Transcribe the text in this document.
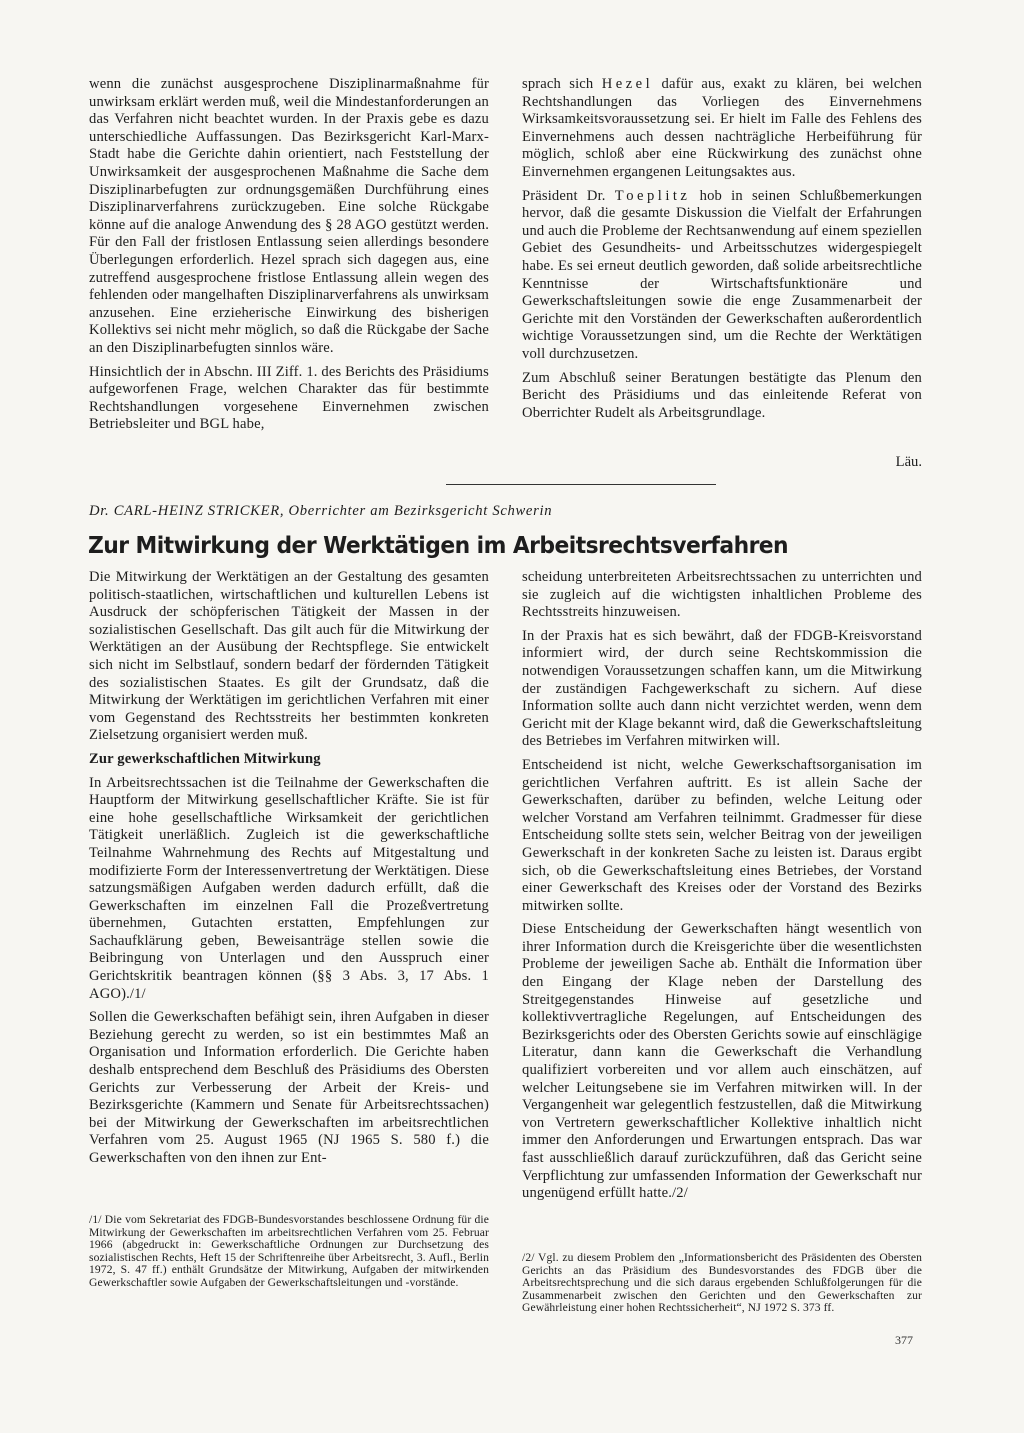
wenn die zunächst ausgesprochene Disziplinarmaßnahme für unwirksam erklärt werden muß, weil die Mindestanforderungen an das Verfahren nicht beachtet wurden. In der Praxis gebe es dazu unterschiedliche Auffassungen. Das Bezirksgericht Karl-Marx-Stadt habe die Gerichte dahin orientiert, nach Feststellung der Unwirksamkeit der ausgesprochenen Maßnahme die Sache dem Disziplinarbefugten zur ordnungsgemäßen Durchführung eines Disziplinarverfahrens zurückzugeben. Eine solche Rückgabe könne auf die analoge Anwendung des § 28 AGO gestützt werden. Für den Fall der fristlosen Entlassung seien allerdings besondere Überlegungen erforderlich. Hezel sprach sich dagegen aus, eine zutreffend ausgesprochene fristlose Entlassung allein wegen des fehlenden oder mangelhaften Disziplinarverfahrens als unwirksam anzusehen. Eine erzieherische Einwirkung des bisherigen Kollektivs sei nicht mehr möglich, so daß die Rückgabe der Sache an den Disziplinarbefugten sinnlos wäre.

Hinsichtlich der in Abschn. III Ziff. 1. des Berichts des Präsidiums aufgeworfenen Frage, welchen Charakter das für bestimmte Rechtshandlungen vorgesehene Einvernehmen zwischen Betriebsleiter und BGL habe,

sprach sich Hezel dafür aus, exakt zu klären, bei welchen Rechtshandlungen das Vorliegen des Einvernehmens Wirksamkeitsvoraussetzung sei. Er hielt im Falle des Fehlens des Einvernehmens auch dessen nachträgliche Herbeiführung für möglich, schloß aber eine Rückwirkung des zunächst ohne Einvernehmen ergangenen Leitungsaktes aus.

Präsident Dr. Toeplitz hob in seinen Schlußbemerkungen hervor, daß die gesamte Diskussion die Vielfalt der Erfahrungen und auch die Probleme der Rechtsanwendung auf einem speziellen Gebiet des Gesundheits- und Arbeitsschutzes widergespiegelt habe. Es sei erneut deutlich geworden, daß solide arbeitsrechtliche Kenntnisse der Wirtschaftsfunktionäre und Gewerkschaftsleitungen sowie die enge Zusammenarbeit der Gerichte mit den Vorständen der Gewerkschaften außerordentlich wichtige Voraussetzungen sind, um die Rechte der Werktätigen voll durchzusetzen.

Zum Abschluß seiner Beratungen bestätigte das Plenum den Bericht des Präsidiums und das einleitende Referat von Oberrichter Rudelt als Arbeitsgrundlage.

Läu.
Dr. CARL-HEINZ STRICKER, Oberrichter am Bezirksgericht Schwerin
Zur Mitwirkung der Werktätigen im Arbeitsrechtsverfahren

Die Mitwirkung der Werktätigen an der Gestaltung des gesamten politisch-staatlichen, wirtschaftlichen und kulturellen Lebens ist Ausdruck der schöpferischen Tätigkeit der Massen in der sozialistischen Gesellschaft. Das gilt auch für die Mitwirkung der Werktätigen an der Ausübung der Rechtspflege. Sie entwickelt sich nicht im Selbstlauf, sondern bedarf der fördernden Tätigkeit des sozialistischen Staates. Es gilt der Grundsatz, daß die Mitwirkung der Werktätigen im gerichtlichen Verfahren mit einer vom Gegenstand des Rechtsstreits her bestimmten konkreten Zielsetzung organisiert werden muß.

Zur gewerkschaftlichen Mitwirkung

In Arbeitsrechtssachen ist die Teilnahme der Gewerkschaften die Hauptform der Mitwirkung gesellschaftlicher Kräfte. Sie ist für eine hohe gesellschaftliche Wirksamkeit der gerichtlichen Tätigkeit unerläßlich. Zugleich ist die gewerkschaftliche Teilnahme Wahrnehmung des Rechts auf Mitgestaltung und modifizierte Form der Interessenvertretung der Werktätigen. Diese satzungsmäßigen Aufgaben werden dadurch erfüllt, daß die Gewerkschaften im einzelnen Fall die Prozeßvertretung übernehmen, Gutachten erstatten, Empfehlungen zur Sachaufklärung geben, Beweisanträge stellen sowie die Beibringung von Unterlagen und den Ausspruch einer Gerichtskritik beantragen können (§§ 3 Abs. 3, 17 Abs. 1 AGO)./1/

Sollen die Gewerkschaften befähigt sein, ihren Aufgaben in dieser Beziehung gerecht zu werden, so ist ein bestimmtes Maß an Organisation und Information erforderlich. Die Gerichte haben deshalb entsprechend dem Beschluß des Präsidiums des Obersten Gerichts zur Verbesserung der Arbeit der Kreis- und Bezirksgerichte (Kammern und Senate für Arbeitsrechtssachen) bei der Mitwirkung der Gewerkschaften im arbeitsrechtlichen Verfahren vom 25. August 1965 (NJ 1965 S. 580 f.) die Gewerkschaften von den ihnen zur Ent-

/1/ Die vom Sekretariat des FDGB-Bundesvorstandes beschlossene Ordnung für die Mitwirkung der Gewerkschaften im arbeitsrechtlichen Verfahren vom 25. Februar 1966 (abgedruckt in: Gewerkschaftliche Ordnungen zur Durchsetzung des sozialistischen Rechts, Heft 15 der Schriftenreihe über Arbeitsrecht, 3. Aufl., Berlin 1972, S. 47 ff.) enthält Grundsätze der Mitwirkung, Aufgaben der mitwirkenden Gewerkschaftler sowie Aufgaben der Gewerkschaftsleitungen und -vorstände.

scheidung unterbreiteten Arbeitsrechtssachen zu unterrichten und sie zugleich auf die wichtigsten inhaltlichen Probleme des Rechtsstreits hinzuweisen.

In der Praxis hat es sich bewährt, daß der FDGB-Kreisvorstand informiert wird, der durch seine Rechtskommission die notwendigen Voraussetzungen schaffen kann, um die Mitwirkung der zuständigen Fachgewerkschaft zu sichern. Auf diese Information sollte auch dann nicht verzichtet werden, wenn dem Gericht mit der Klage bekannt wird, daß die Gewerkschaftsleitung des Betriebes im Verfahren mitwirken will.

Entscheidend ist nicht, welche Gewerkschaftsorganisation im gerichtlichen Verfahren auftritt. Es ist allein Sache der Gewerkschaften, darüber zu befinden, welche Leitung oder welcher Vorstand am Verfahren teilnimmt. Gradmesser für diese Entscheidung sollte stets sein, welcher Beitrag von der jeweiligen Gewerkschaft in der konkreten Sache zu leisten ist. Daraus ergibt sich, ob die Gewerkschaftsleitung eines Betriebes, der Vorstand einer Gewerkschaft des Kreises oder der Vorstand des Bezirks mitwirken sollte.

Diese Entscheidung der Gewerkschaften hängt wesentlich von ihrer Information durch die Kreisgerichte über die wesentlichsten Probleme der jeweiligen Sache ab. Enthält die Information über den Eingang der Klage neben der Darstellung des Streitgegenstandes Hinweise auf gesetzliche und kollektivvertragliche Regelungen, auf Entscheidungen des Bezirksgerichts oder des Obersten Gerichts sowie auf einschlägige Literatur, dann kann die Gewerkschaft die Verhandlung qualifiziert vorbereiten und vor allem auch einschätzen, auf welcher Leitungsebene sie im Verfahren mitwirken will. In der Vergangenheit war gelegentlich festzustellen, daß die Mitwirkung von Vertretern gewerkschaftlicher Kollektive inhaltlich nicht immer den Anforderungen und Erwartungen entsprach. Das war fast ausschließlich darauf zurückzuführen, daß das Gericht seine Verpflichtung zur umfassenden Information der Gewerkschaft nur ungenügend erfüllt hatte./2/

/2/ Vgl. zu diesem Problem den „Informationsbericht des Präsidenten des Obersten Gerichts an das Präsidium des Bundesvorstandes des FDGB über die Arbeitsrechtsprechung und die sich daraus ergebenden Schlußfolgerungen für die Zusammenarbeit zwischen den Gerichten und den Gewerkschaften zur Gewährleistung einer hohen Rechtssicherheit“, NJ 1972 S. 373 ff.
377
